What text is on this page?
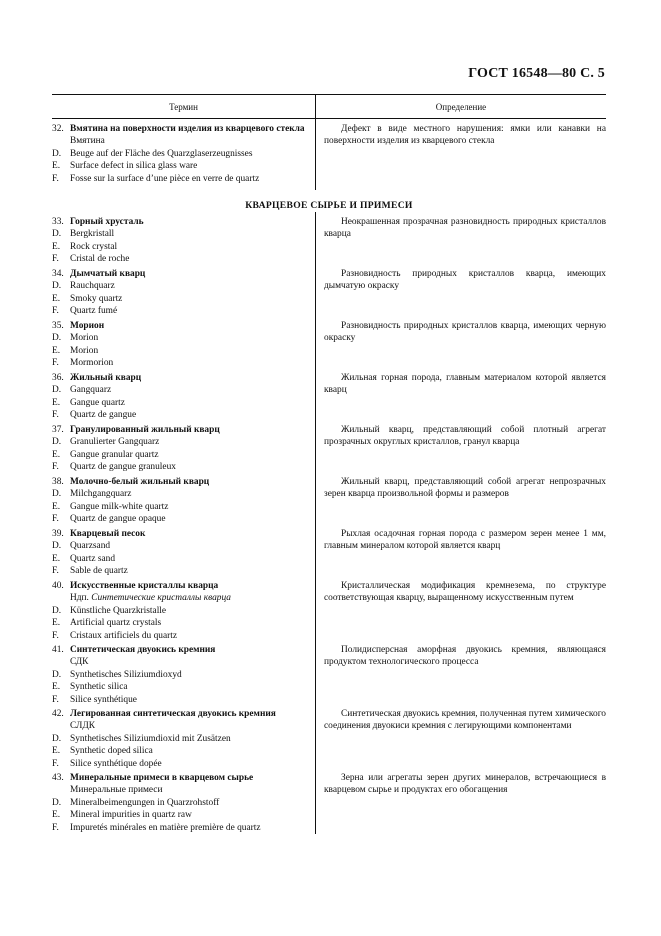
ГОСТ 16548—80 С. 5
Термин	Определение
32. Вмятина на поверхности изделия из кварцевого стекла
Вмятина
D. Beuge auf der Fläche des Quarzglaserzeugnisses
E.	Surface defect in silica glass ware
F.	Fosse sur la surface d’une pièce en verre de quartz
Дефект в виде местного нарушения: ямки или канавки на поверхности изделия из кварцевого стекла
КВАРЦЕВОЕ СЫРЬЕ И ПРИМЕСИ
33. Горный хрусталь
D. Bergkristall
E.	Rock crystal
F.	Cristal de roche
Неокрашенная прозрачная разновидность природных кристаллов кварца
34. Дымчатый кварц
D. Rauchquarz
E.	Smoky quartz
F.	Quartz fumé
Разновидность природных кристаллов кварца, имеющих дымчатую окраску
35. Морион
D. Morion
E.	Morion
F.	Mormorion
Разновидность природных кристаллов кварца, имеющих черную окраску
36. Жильный кварц
D. Gangquarz
E.	Gangue quartz
F.	Quartz de gangue
Жильная горная порода, главным материалом которой является кварц
37. Гранулированный жильный кварц
D. Granulierter Gangquarz
E.	Gangue granular quartz
F.	Quartz de gangue granuleux
Жильный кварц, представляющий собой плотный агрегат прозрачных округлых кристаллов, гранул кварца
38. Молочно-белый жильный кварц
D. Milchgangquarz
E.	Gangue milk-white quartz
F.	Quartz de gangue opaque
Жильный кварц, представляющий собой агрегат непрозрачных зерен кварца произвольной формы и размеров
39. Кварцевый песок
D. Quarzsand
E.	Quartz sand
F.	Sable de quartz
Рыхлая осадочная горная порода с размером зерен менее 1 мм, главным минералом которой является кварц
40. Искусственные кристаллы кварца
Ндп. Синтетические кристаллы кварца
D. Künstliche Quarzkristalle
E.	Artificial quartz crystals
F.	Cristaux artificiels du quartz
Кристаллическая модификация кремнезема, по структуре соответствующая кварцу, выращенному искусственным путем
41. Синтетическая двуокись кремния
СДК
D. Synthetisches Siliziumdioxyd
E.	Synthetic silica
F.	Silice synthétique
Полидисперсная аморфная двуокись кремния, являющаяся продуктом технологического процесса
42. Легированная синтетическая двуокись кремния
СЛДК
D. Synthetisches Siliziumdioxid mit Zusätzen
E.	Synthetic doped silica
F.	Silice synthétique dopée
Синтетическая двуокись кремния, полученная путем химического соединения двуокиси кремния с легирующими компонентами
43. Минеральные примеси в кварцевом сырье
Минеральные примеси
D. Mineralbeimengungen in Quarzrohstoff
E.	Mineral impurities in quartz raw
F.	Impuretés minérales en matière première de quartz
Зерна или агрегаты зерен других минералов, встречающиеся в кварцевом сырье и продуктах его обогащения
